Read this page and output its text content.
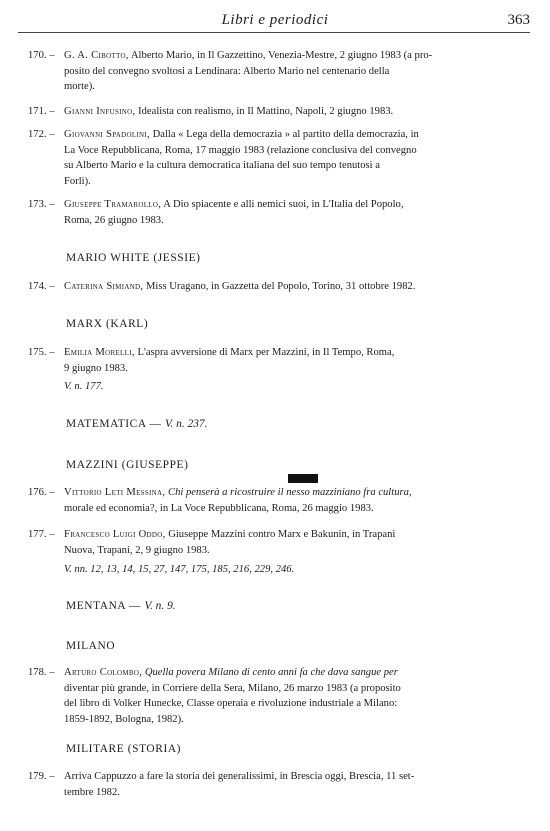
Libri e periodici	363
170. – G. A. Cibotto, Alberto Mario, in Il Gazzettino, Venezia-Mestre, 2 giugno 1983 (a pro-
posito del convegno svoltosi a Lendinara: Alberto Mario nel centenario della
morte).
171. – Gianni Infusino, Idealista con realismo, in Il Mattino, Napoli, 2 giugno 1983.
172. – Giovanni Spadolini, Dalla « Lega della democrazia » al partito della democrazia, in
La Voce Repubblicana, Roma, 17 maggio 1983 (relazione conclusiva del convegno
su Alberto Mario e la cultura democratica italiana del suo tempo tenutosi a
Forlì).
173. – Giuseppe Tramarollo, A Dio spiacente e alli nemici suoi, in L'Italia del Popolo,
Roma, 26 giugno 1983.
MARIO WHITE (JESSIE)
174. – Caterina Simiand, Miss Uragano, in Gazzetta del Popolo, Torino, 31 ottobre 1982.
MARX (KARL)
175. – Emilia Morelli, L'aspra avversione di Marx per Mazzini, in Il Tempo, Roma,
9 giugno 1983.
V. n. 177.
MATEMATICA — V. n. 237.
MAZZINI (GIUSEPPE)
176. – Vittorio Leti Messina, Chi penserà a ricostruire il nesso mazziniano fra cultura,
morale ed economia?, in La Voce Repubblicana, Roma, 26 maggio 1983.
177. – Francesco Luigi Oddo, Giuseppe Mazzini contro Marx e Bakunin, in Trapani
Nuova, Trapani, 2, 9 giugno 1983.
V. nn. 12, 13, 14, 15, 27, 147, 175, 185, 216, 229, 246.
MENTANA — V. n. 9.
MILANO
178. – Arturo Colombo, Quella povera Milano di cento anni fa che dava sangue per
diventar più grande, in Corriere della Sera, Milano, 26 marzo 1983 (a proposito
del libro di Volker Hunecke, Classe operaia e rivoluzione industriale a Milano:
1859-1892, Bologna, 1982).
MILITARE (STORIA)
179. – Arriva Cappuzzo a fare la storia dei generalissimi, in Brescia oggi, Brescia, 11 set-
tembre 1982.
